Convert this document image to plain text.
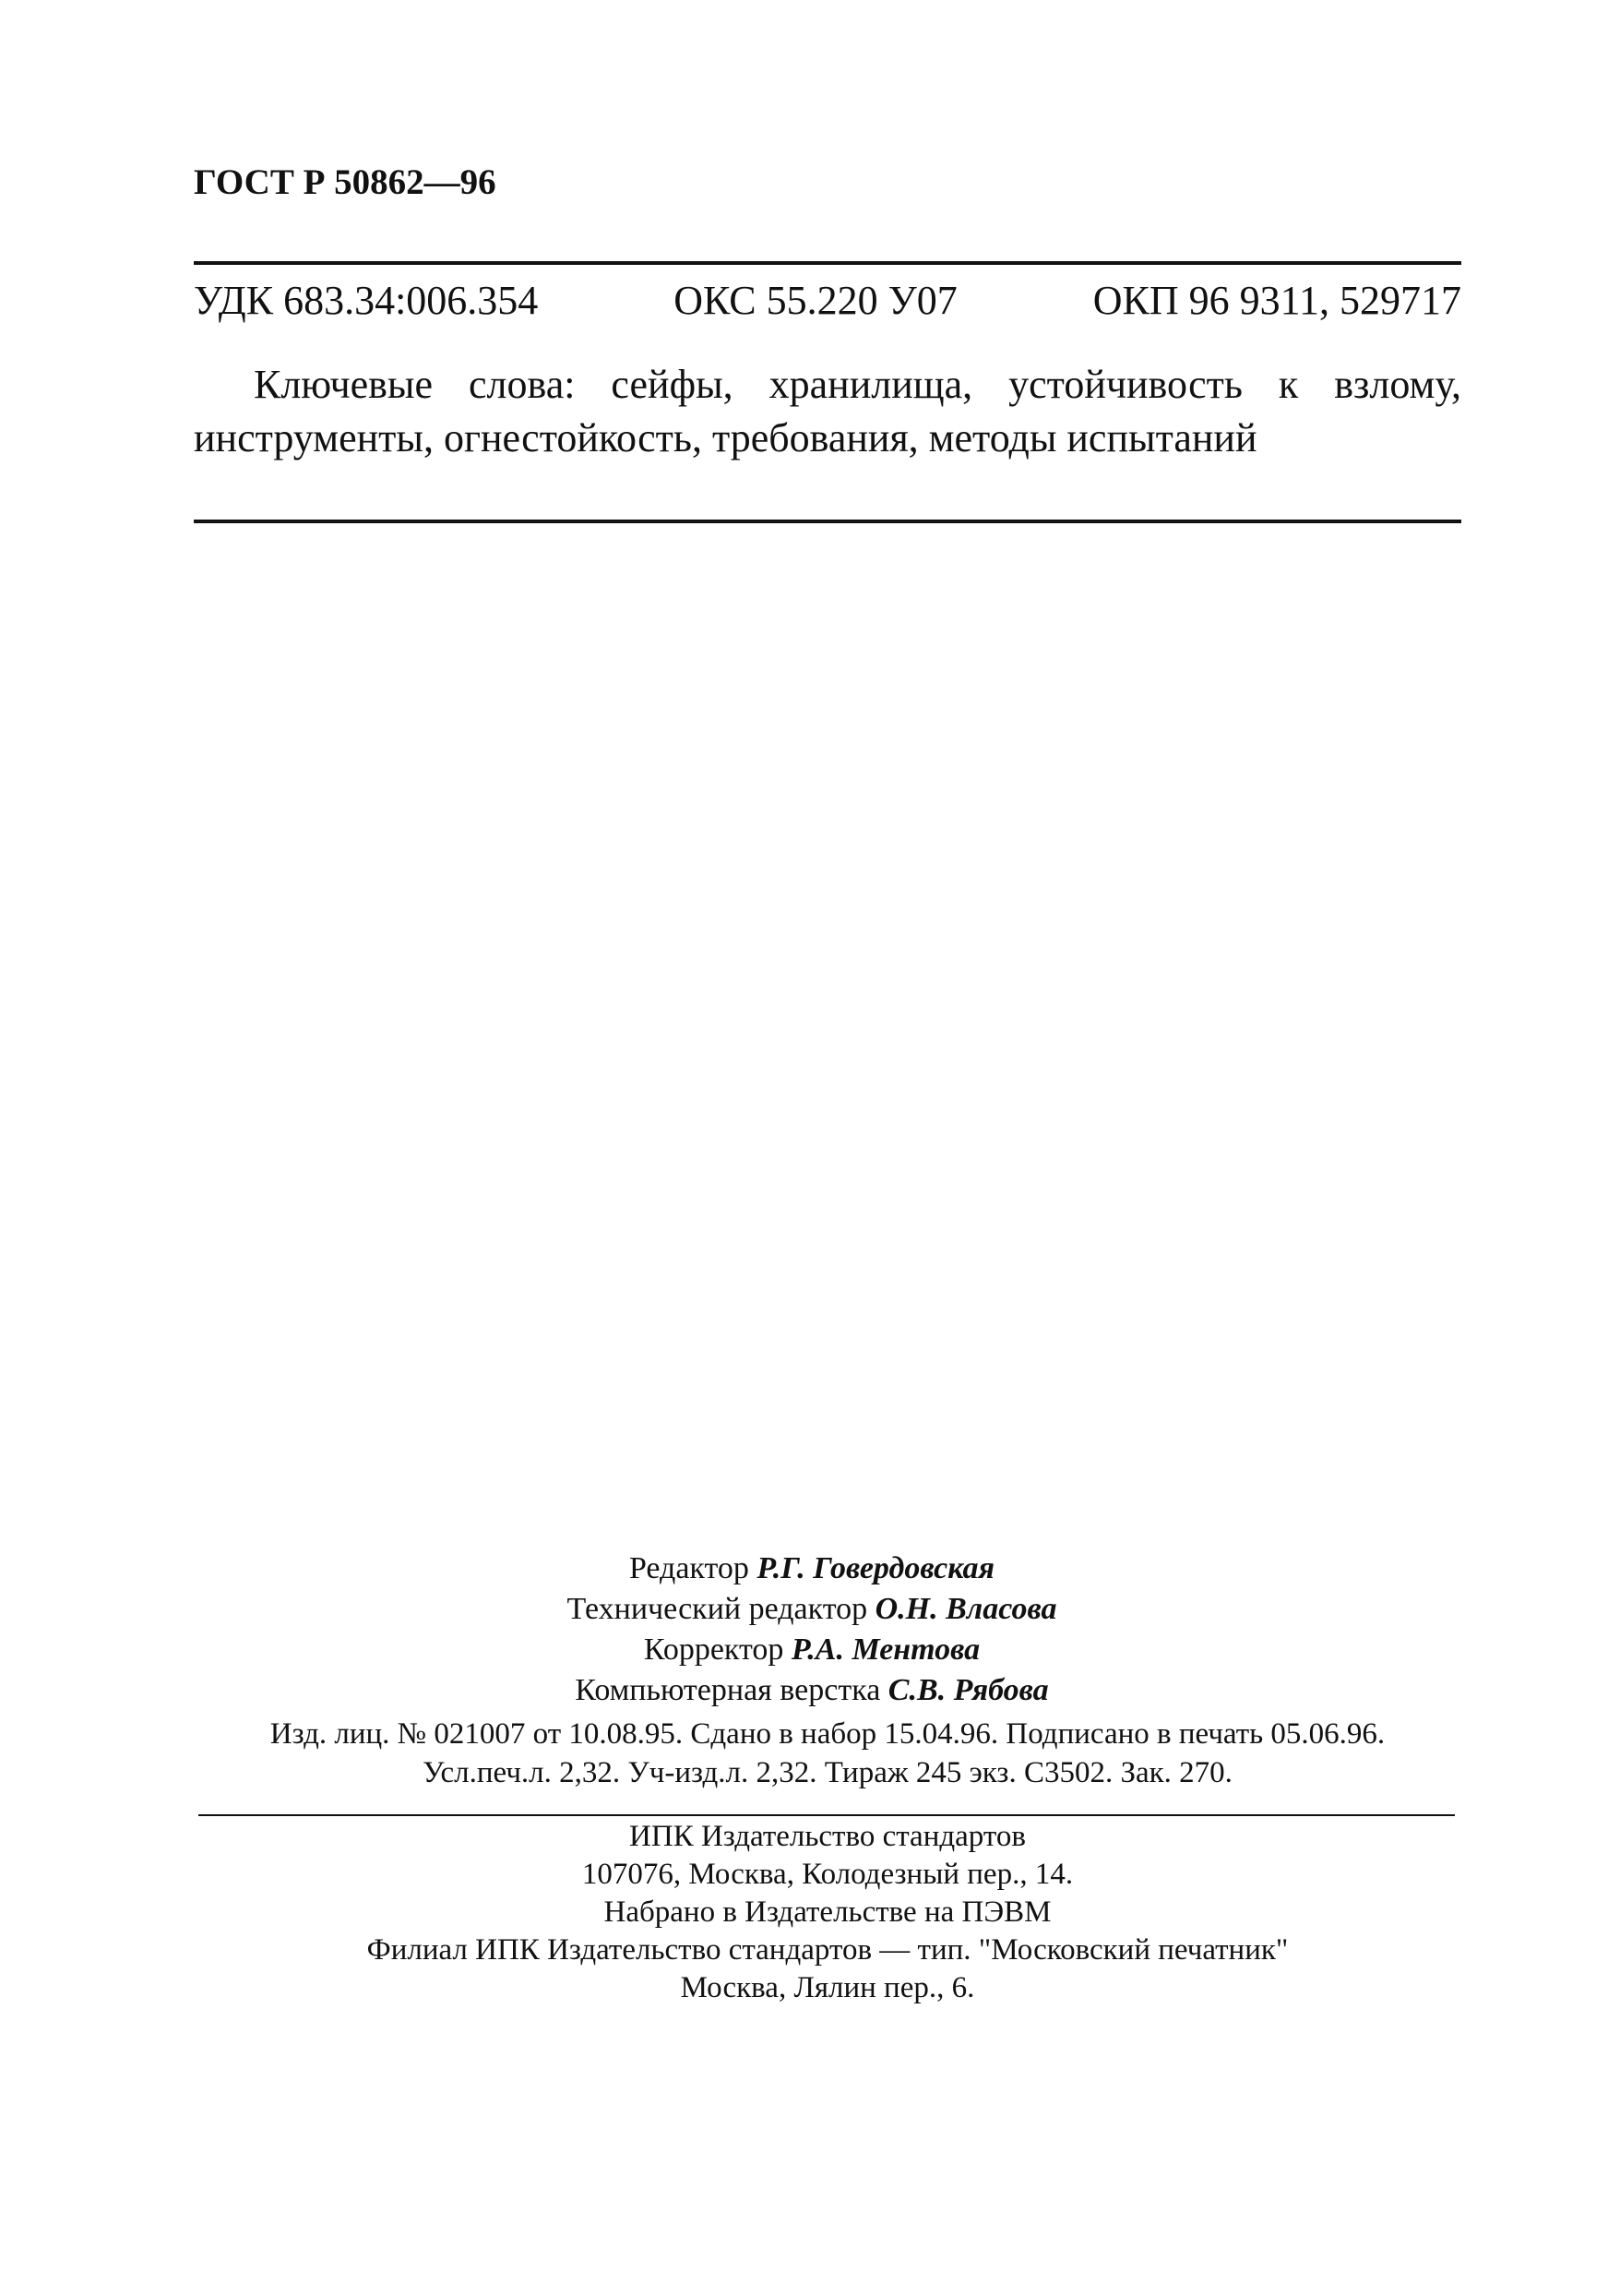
ГОСТ Р 50862—96
УДК 683.34:006.354	ОКС 55.220 У07	ОКП 96 9311, 529717
Ключевые слова: сейфы, хранилища, устойчивость к взлому, инструменты, огнестойкость, требования, методы испытаний
Редактор Р.Г. Говердовская
Технический редактор О.Н. Власова
Корректор Р.А. Ментова
Компьютерная верстка С.В. Рябова
Изд. лиц. № 021007 от 10.08.95. Сдано в набор 15.04.96. Подписано в печать 05.06.96.
Усл.печ.л. 2,32. Уч-изд.л. 2,32. Тираж 245 экз. С3502. Зак. 270.
ИПК Издательство стандартов
107076, Москва, Колодезный пер., 14.
Набрано в Издательстве на ПЭВМ
Филиал ИПК Издательство стандартов — тип. "Московский печатник"
Москва, Лялин пер., 6.
